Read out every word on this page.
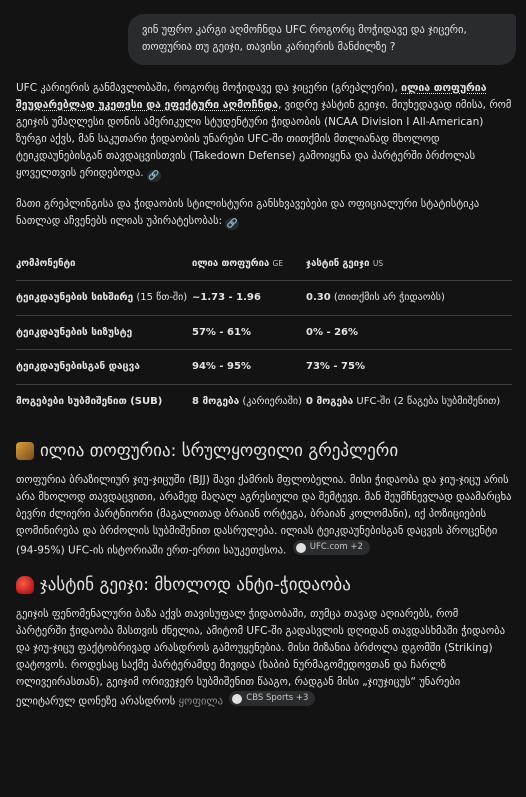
ვინ უფრო კარგი აღმოჩნდა UFC როგორც მოჭიდავე და ჯიცერი, თოფურია თუ გეიჯი, თავისი კარიერის მანძილზე ?

UFC კარიერის განმავლობაში, როგორც მოჭიდავე და ჯიცერი (გრეპლერი), ილია თოფურია შეუდარებლად უკეთესი და ეფექტური აღმოჩნდა, ვიდრე ჯასტინ გეიჯი. მიუხედავად იმისა, რომ გეიჯის უმაღლესი დონის ამერიკული სტუდენტური ჭიდაობის (NCAA Division I All-American) ზურგი აქვს, მან საკუთარი ჭიდაობის უნარები UFC-ში თითქმის მთლიანად მხოლოდ ტეიკდაუნებისგან თავდაცვისთვის (Takedown Defense) გამოიყენა და პარტერში ბრძოლას ყოველთვის ერიდებოდა. 🔗

მათი გრეპლინგისა და ჭიდაობის სტილისტური განსხვავებები და ოფიციალური სტატისტიკა ნათლად აჩვენებს ილიას უპირატესობას: 🔗

კომპონენტი	ილია თოფურია GE	ჯასტინ გეიჯი US
ტეიკდაუნების სიხშირე (15 წთ-ში)	~1.73 - 1.96	0.30 (თითქმის არ ჭიდაობს)
ტეიკდაუნების სიზუსტე	57% - 61%	0% - 26%
ტეიკდაუნებისგან დაცვა	94% - 95%	73% - 75%
მოგებები სუბმიშენით (SUB)	8 მოგება (კარიერაში)	0 მოგება UFC-ში (2 წაგება სუბმიშენით)
ილია თოფურია: სრულყოფილი გრეპლერი

თოფურია ბრაზილიურ ჯიუ-ჯიცუში (BJJ) შავი ქამრის მფლობელია. მისი ჭიდაობა და ჯიუ-ჯიცუ არის არა მხოლოდ თავდაცვითი, არამედ მაღალ აგრესიული და შემტევი. მან შეუმჩნევლად დაამარცხა ბევრი ძლიერი პარტნიორი (მაგალითად ბრაიან ორტეგა, ბრაიან კოლომანი), იქ პოზიციების დომინირება და ბრძოლის სუბმიშენით დასრულება. ილიას ტეიკდაუნებისგან დაცვის პროცენტი (94-95%) UFC-ის ისტორიაში ერთ-ერთი საუკეთესოა.	UFC.com +2

ჯასტინ გეიჯი: მხოლოდ ანტი-ჭიდაობა

გეიჯის ფენომენალური ბაზა აქვს თავისუფალ ჭიდაობაში, თუმცა თავად აღიარებს, რომ პარტერში ჭიდაობა მასთვის ძნელია, ამიტომ UFC-ში გადასვლის დღიდან თავდასხმაში ჭიდაობა და ჯიუ-ჯიცუ ფაქტობრივად არასდროს გამოუყენებია. მისი მიზანია ბრძოლა დგომში (Striking) დატოვოს. როდესაც საქმე პარტერამდე მივიდა (ხაბიბ ნურმაგომედოვთან და ჩარლზ ოლივეირასთან), გეიჯიმ ორივეჯერ სუბმიშენით წააგო, რადგან მისი „ჯიუჯიცუს“ უნარები ელიტარულ დონეზე არასდროს ყოფილა	CBS Sports +3
